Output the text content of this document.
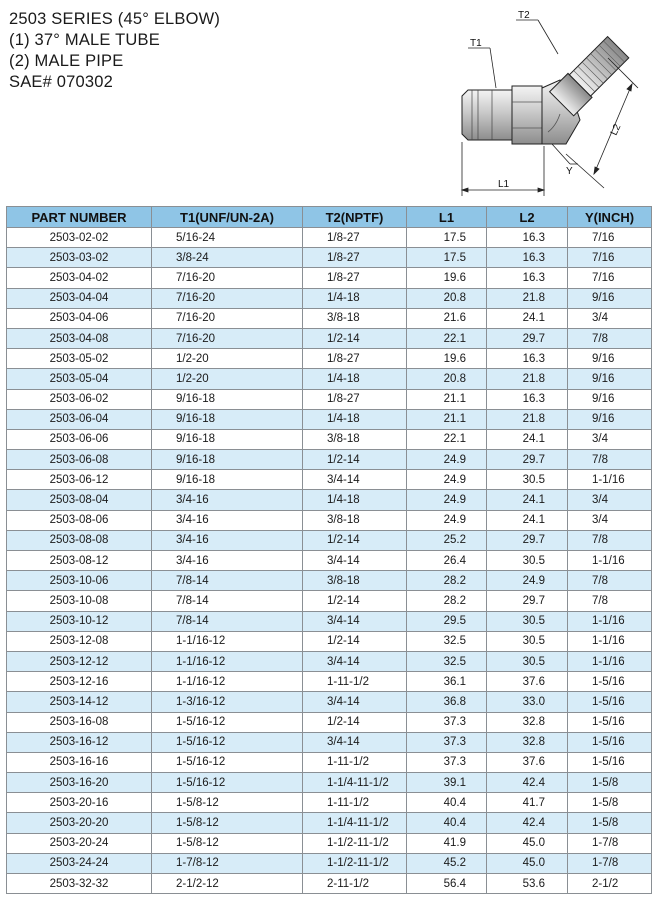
2503 SERIES (45° ELBOW)
(1) 37° MALE TUBE
(2) MALE PIPE
SAE# 070302
T1
T2
L1
L2
Y
PART NUMBER	T1(UNF/UN-2A)	T2(NPTF)	L1	L2	Y(INCH)
2503-02-02	5/16-24	1/8-27	17.5	16.3	7/16
2503-03-02	3/8-24	1/8-27	17.5	16.3	7/16
2503-04-02	7/16-20	1/8-27	19.6	16.3	7/16
2503-04-04	7/16-20	1/4-18	20.8	21.8	9/16
2503-04-06	7/16-20	3/8-18	21.6	24.1	3/4
2503-04-08	7/16-20	1/2-14	22.1	29.7	7/8
2503-05-02	1/2-20	1/8-27	19.6	16.3	9/16
2503-05-04	1/2-20	1/4-18	20.8	21.8	9/16
2503-06-02	9/16-18	1/8-27	21.1	16.3	9/16
2503-06-04	9/16-18	1/4-18	21.1	21.8	9/16
2503-06-06	9/16-18	3/8-18	22.1	24.1	3/4
2503-06-08	9/16-18	1/2-14	24.9	29.7	7/8
2503-06-12	9/16-18	3/4-14	24.9	30.5	1-1/16
2503-08-04	3/4-16	1/4-18	24.9	24.1	3/4
2503-08-06	3/4-16	3/8-18	24.9	24.1	3/4
2503-08-08	3/4-16	1/2-14	25.2	29.7	7/8
2503-08-12	3/4-16	3/4-14	26.4	30.5	1-1/16
2503-10-06	7/8-14	3/8-18	28.2	24.9	7/8
2503-10-08	7/8-14	1/2-14	28.2	29.7	7/8
2503-10-12	7/8-14	3/4-14	29.5	30.5	1-1/16
2503-12-08	1-1/16-12	1/2-14	32.5	30.5	1-1/16
2503-12-12	1-1/16-12	3/4-14	32.5	30.5	1-1/16
2503-12-16	1-1/16-12	1-11-1/2	36.1	37.6	1-5/16
2503-14-12	1-3/16-12	3/4-14	36.8	33.0	1-5/16
2503-16-08	1-5/16-12	1/2-14	37.3	32.8	1-5/16
2503-16-12	1-5/16-12	3/4-14	37.3	32.8	1-5/16
2503-16-16	1-5/16-12	1-11-1/2	37.3	37.6	1-5/16
2503-16-20	1-5/16-12	1-1/4-11-1/2	39.1	42.4	1-5/8
2503-20-16	1-5/8-12	1-11-1/2	40.4	41.7	1-5/8
2503-20-20	1-5/8-12	1-1/4-11-1/2	40.4	42.4	1-5/8
2503-20-24	1-5/8-12	1-1/2-11-1/2	41.9	45.0	1-7/8
2503-24-24	1-7/8-12	1-1/2-11-1/2	45.2	45.0	1-7/8
2503-32-32	2-1/2-12	2-11-1/2	56.4	53.6	2-1/2
